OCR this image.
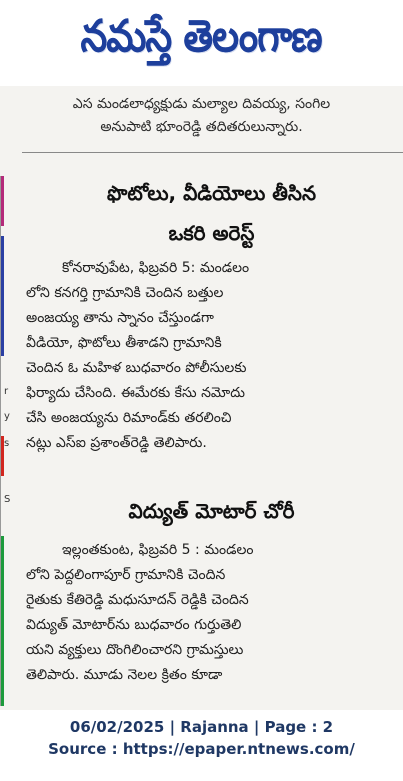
నమస్తే తెలంగాణ
ఎస మండలాధ్యక్షుడు మల్యాల దివయ్య, సంగిల
అనుపాటి భూంరెడ్డి తదితరులున్నారు.
r
y
s
S
ఫొటోలు, వీడియోలు తీసిన
ఒకరి అరెస్ట్
కోనరావుపేట, ఫిబ్రవరి 5: మండలం
లోని కనగర్తి గ్రామానికి చెందిన బత్తుల
అంజయ్య తాను స్నానం చేస్తుండగా
వీడియో, ఫొటోలు తీశాడని గ్రామానికి
చెందిన ఓ మహిళ బుధవారం పోలీసులకు
ఫిర్యాదు చేసింది. ఈమేరకు కేసు నమోదు
చేసి అంజయ్యను రిమాండ్‌కు తరలించి
నట్లు ఎస్ఐ ప్రశాంత్‌రెడ్డి తెలిపారు.
విద్యుత్ మోటార్ చోరీ
ఇల్లంతకుంట, ఫిబ్రవరి 5 : మండలం
లోని పెద్దలింగాపూర్ గ్రామానికి చెందిన
రైతుకు కేతిరెడ్డి మధుసూదన్ రెడ్డికి చెందిన
విద్యుత్ మోటార్‌ను బుధవారం గుర్తుతెలి
యని వ్యక్తులు దొంగిలించారని గ్రామస్తులు
తెలిపారు. మూడు నెలల క్రితం కూడా
06/02/2025 | Rajanna | Page : 2
Source : https://epaper.ntnews.com/
